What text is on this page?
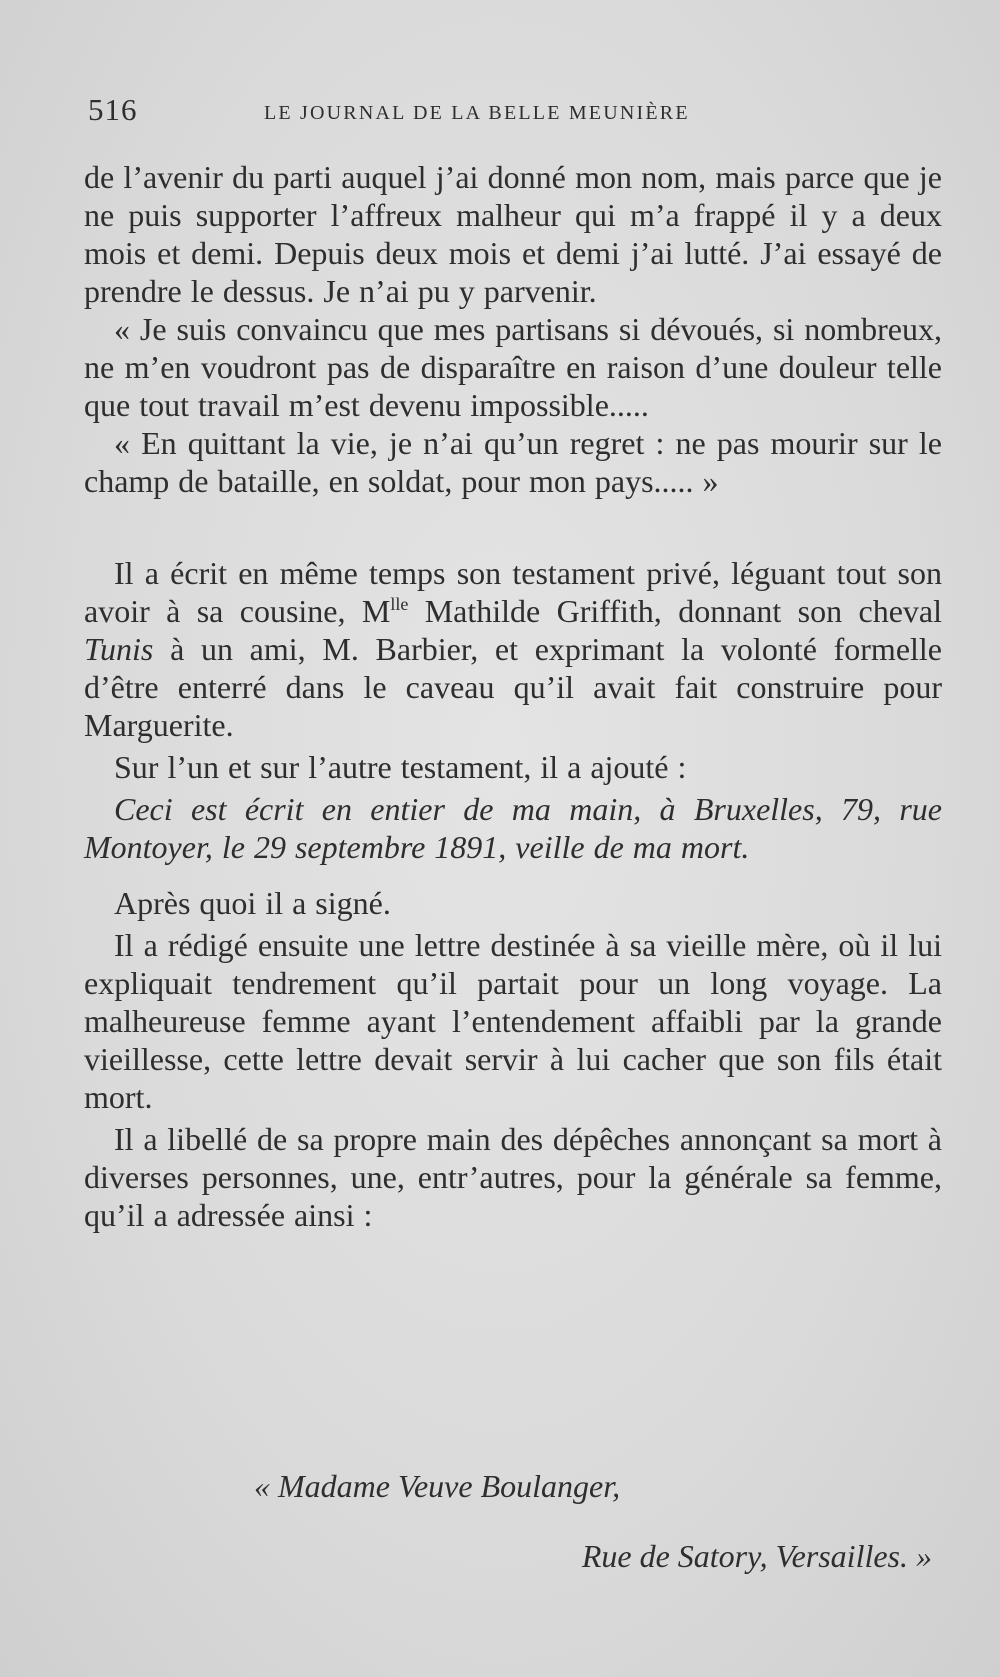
516	LE JOURNAL DE LA BELLE MEUNIÈRE

de l’avenir du parti auquel j’ai donné mon nom, mais parce que je ne puis supporter l’affreux malheur qui m’a frappé il y a deux mois et demi. Depuis deux mois et demi j’ai lutté. J’ai essayé de prendre le dessus. Je n’ai pu y parvenir.

« Je suis convaincu que mes partisans si dévoués, si nombreux, ne m’en voudront pas de disparaître en raison d’une douleur telle que tout travail m’est devenu impossible.....

« En quittant la vie, je n’ai qu’un regret : ne pas mourir sur le champ de bataille, en soldat, pour mon pays..... »

Il a écrit en même temps son testament privé, léguant tout son avoir à sa cousine, $M^{lle}$ Mathilde Griffith, donnant son cheval Tunis à un ami, M. Barbier, et exprimant la volonté formelle d’être enterré dans le caveau qu’il avait fait construire pour Marguerite.

Sur l’un et sur l’autre testament, il a ajouté :

Ceci est écrit en entier de ma main, à Bruxelles, 79, rue Montoyer, le 29 septembre 1891, veille de ma mort.

Après quoi il a signé.

Il a rédigé ensuite une lettre destinée à sa vieille mère, où il lui expliquait tendrement qu’il partait pour un long voyage. La malheureuse femme ayant l’entendement affaibli par la grande vieillesse, cette lettre devait servir à lui cacher que son fils était mort.

Il a libellé de sa propre main des dépêches annonçant sa mort à diverses personnes, une, entr’autres, pour la générale sa femme, qu’il a adressée ainsi :

« Madame Veuve Boulanger,
Rue de Satory, Versailles. »
